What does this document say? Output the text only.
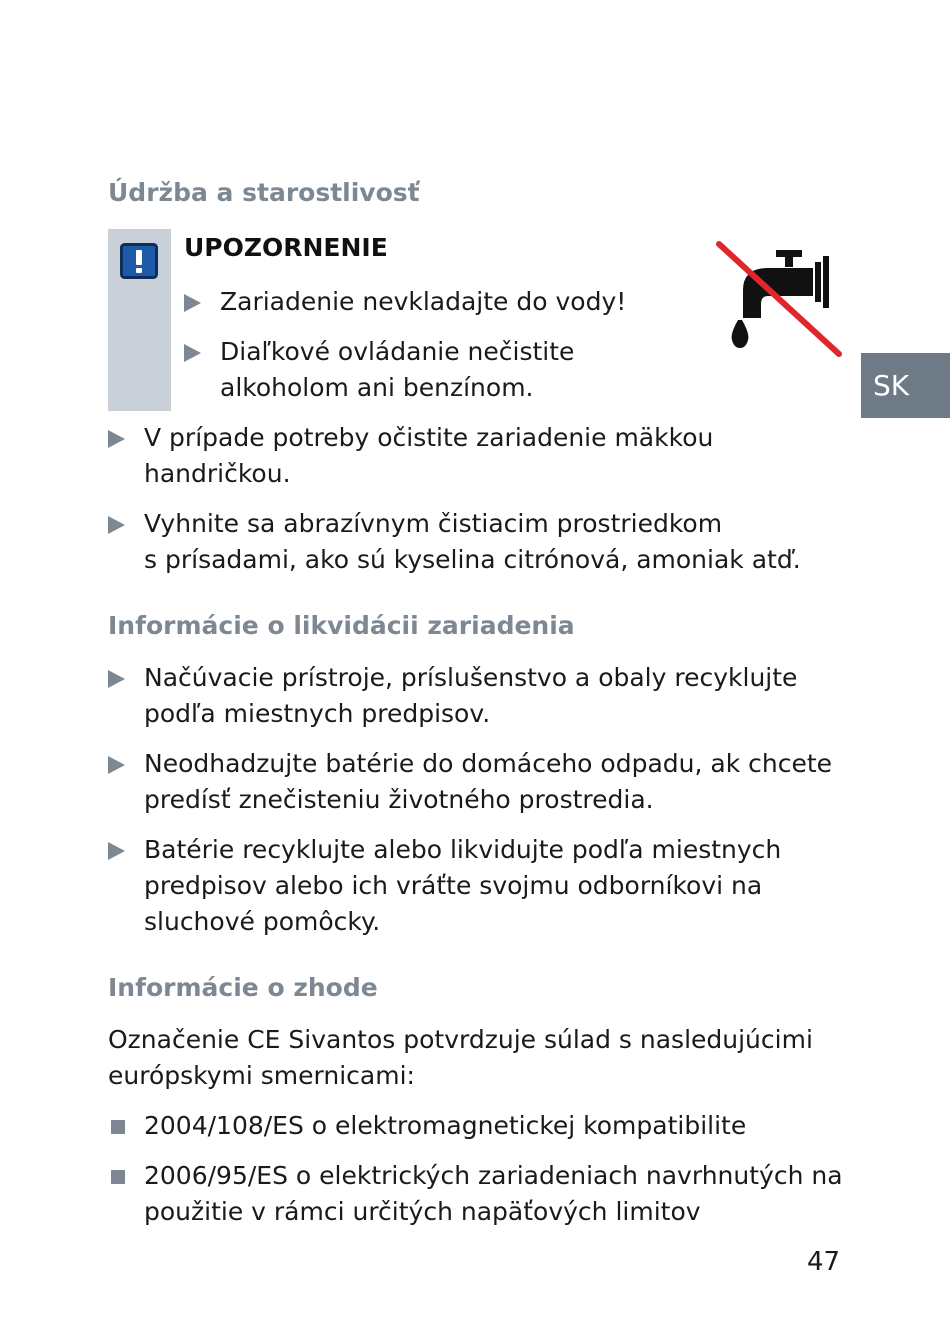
Údržba a starostlivosť
UPOZORNENIE
Zariadenie nevkladajte do vody!
Diaľkové ovládanie nečistite
alkoholom ani benzínom.
V prípade potreby očistite zariadenie mäkkou
handričkou.
Vyhnite sa abrazívnym čistiacim prostriedkom
s prísadami, ako sú kyselina citrónová, amoniak atď.
SK
Informácie o likvidácii zariadenia
Načúvacie prístroje, príslušenstvo a obaly recyklujte
podľa miestnych predpisov.
Neodhadzujte batérie do domáceho odpadu, ak chcete
predísť znečisteniu životného prostredia.
Batérie recyklujte alebo likvidujte podľa miestnych
predpisov alebo ich vráťte svojmu odborníkovi na
sluchové pomôcky.
Informácie o zhode
Označenie CE Sivantos potvrdzuje súlad s nasledujúcimi
európskymi smernicami:
2004/108/ES o elektromagnetickej kompatibilite
2006/95/ES o elektrických zariadeniach navrhnutých na
použitie v rámci určitých napäťových limitov
47
